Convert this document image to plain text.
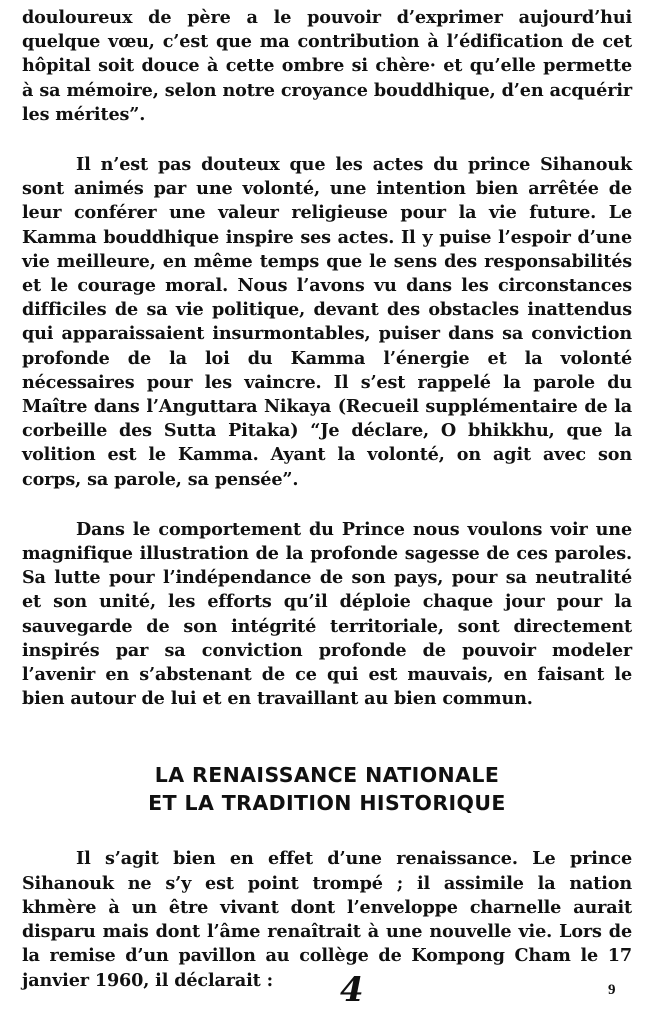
douloureux de père a le pouvoir d’exprimer aujourd’hui quelque vœu, c’est que ma contribution à l’édification de cet hôpital soit douce à cette ombre si chère· et qu’elle permette à sa mémoire, selon notre croyance bouddhique, d’en acquérir les mérites”.

Il n’est pas douteux que les actes du prince Sihanouk sont animés par une volonté, une intention bien arrêtée de leur conférer une valeur religieuse pour la vie future. Le Kamma bouddhique inspire ses actes. Il y puise l’espoir d’une vie meilleure, en même temps que le sens des responsabilités et le courage moral. Nous l’avons vu dans les circonstances difficiles de sa vie politique, devant des obstacles inattendus qui apparaissaient insurmontables, puiser dans sa conviction profonde de la loi du Kamma l’énergie et la volonté nécessaires pour les vaincre. Il s’est rappelé la parole du Maître dans l’Anguttara Nikaya (Recueil supplémentaire de la corbeille des Sutta Pitaka) “Je déclare, O bhikkhu, que la volition est le Kamma. Ayant la volonté, on agit avec son corps, sa parole, sa pensée”.

Dans le comportement du Prince nous voulons voir une magnifique illustration de la profonde sagesse de ces paroles. Sa lutte pour l’indépendance de son pays, pour sa neutralité et son unité, les efforts qu’il déploie chaque jour pour la sauvegarde de son intégrité territoriale, sont directement inspirés par sa conviction profonde de pouvoir modeler l’avenir en s’abstenant de ce qui est mauvais, en faisant le bien autour de lui et en travaillant au bien commun.

LA RENAISSANCE NATIONALE
ET LA TRADITION HISTORIQUE

Il s’agit bien en effet d’une renaissance. Le prince Sihanouk ne s’y est point trompé ; il assimile la nation khmère à un être vivant dont l’enveloppe charnelle aurait disparu mais dont l’âme renaîtrait à une nouvelle vie. Lors de la remise d’un pavillon au collège de Kompong Cham le 17 janvier 1960, il déclarait :	4	9
